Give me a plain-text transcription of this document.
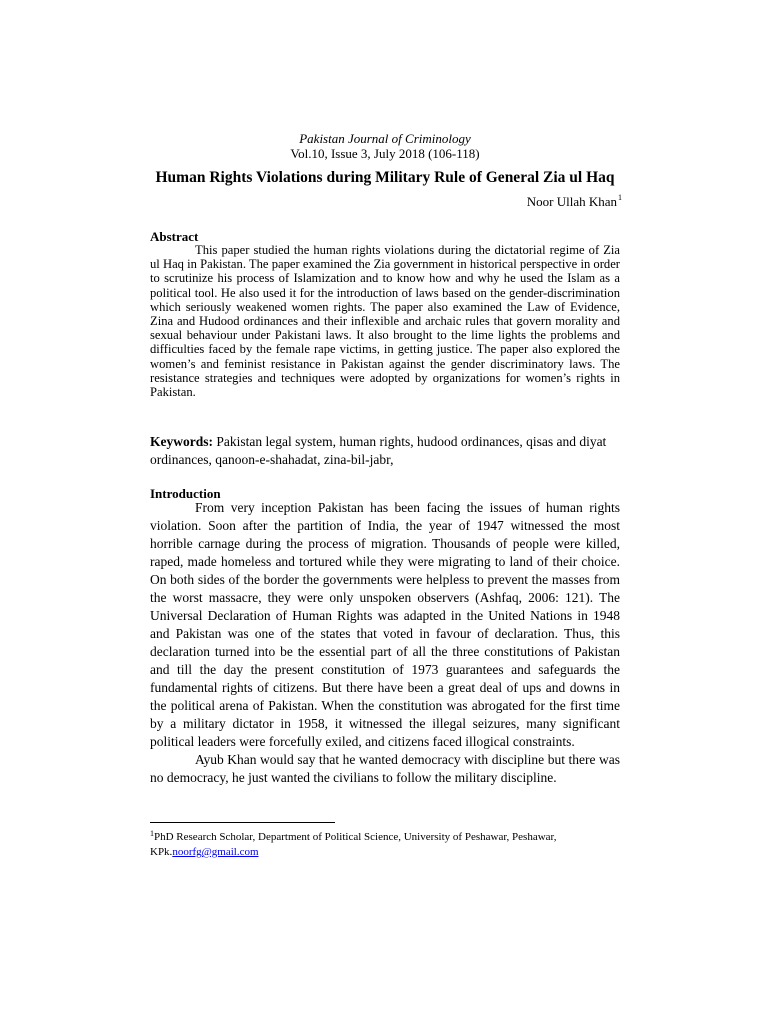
Pakistan Journal of Criminology
Vol.10, Issue 3, July 2018 (106-118)
Human Rights Violations during Military Rule of General Zia ul Haq
Noor Ullah Khan$^1$
Abstract
This paper studied the human rights violations during the dictatorial regime of Zia ul Haq in Pakistan. The paper examined the Zia government in historical perspective in order to scrutinize his process of Islamization and to know how and why he used the Islam as a political tool. He also used it for the introduction of laws based on the gender-discrimination which seriously weakened women rights. The paper also examined the Law of Evidence, Zina and Hudood ordinances and their inflexible and archaic rules that govern morality and sexual behaviour under Pakistani laws. It also brought to the lime lights the problems and difficulties faced by the female rape victims, in getting justice. The paper also explored the women’s and feminist resistance in Pakistan against the gender discriminatory laws. The resistance strategies and techniques were adopted by organizations for women’s rights in Pakistan.
Keywords: Pakistan legal system, human rights, hudood ordinances, qisas and diyat ordinances, qanoon-e-shahadat, zina-bil-jabr,
Introduction

From very inception Pakistan has been facing the issues of human rights violation. Soon after the partition of India, the year of 1947 witnessed the most horrible carnage during the process of migration. Thousands of people were killed, raped, made homeless and tortured while they were migrating to land of their choice. On both sides of the border the governments were helpless to prevent the masses from the worst massacre, they were only unspoken observers (Ashfaq, 2006: 121). The Universal Declaration of Human Rights was adapted in the United Nations in 1948 and Pakistan was one of the states that voted in favour of declaration. Thus, this declaration turned into be the essential part of all the three constitutions of Pakistan and till the day the present constitution of 1973 guarantees and safeguards the fundamental rights of citizens. But there have been a great deal of ups and downs in the political arena of Pakistan. When the constitution was abrogated for the first time by a military dictator in 1958, it witnessed the illegal seizures, many significant political leaders were forcefully exiled, and citizens faced illogical constraints.

Ayub Khan would say that he wanted democracy with discipline but there was no democracy, he just wanted the civilians to follow the military discipline.

$^1$PhD Research Scholar, Department of Political Science, University of Peshawar, Peshawar, KPk.noorfg@gmail.com
